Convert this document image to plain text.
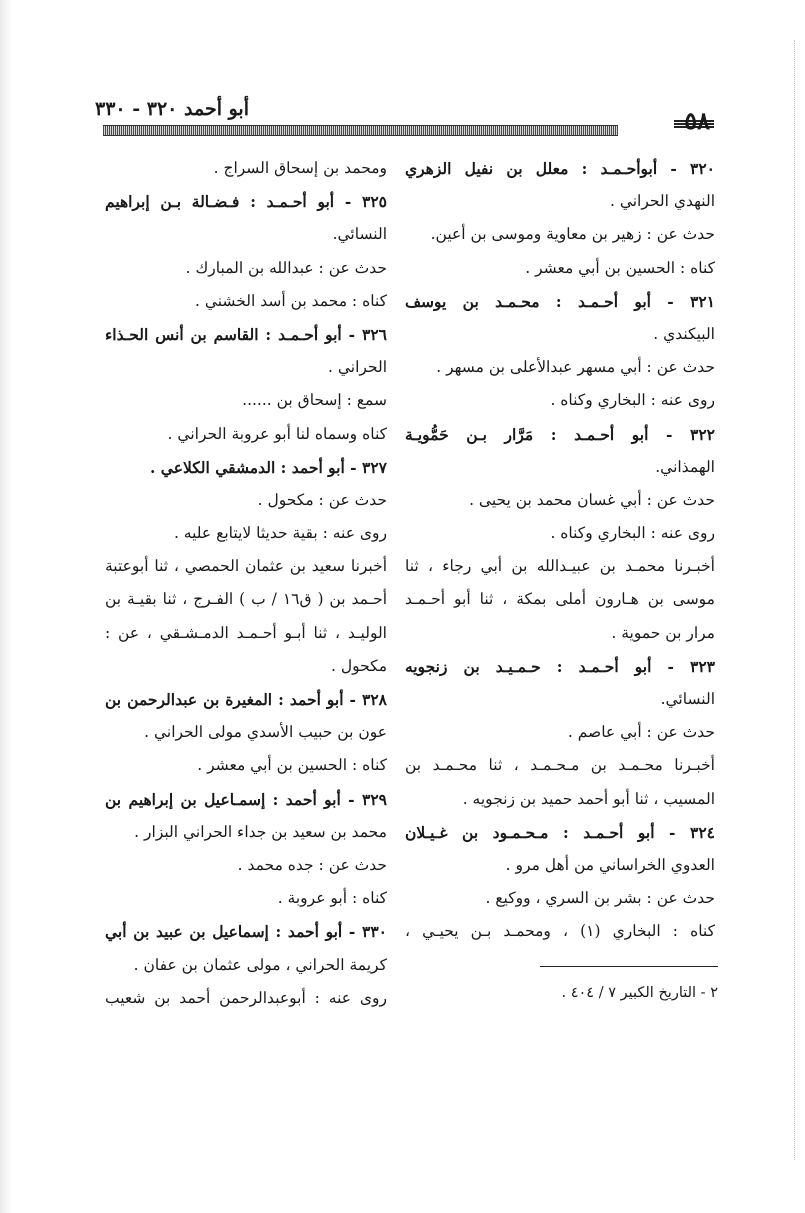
٥٨
أبو أحمد ٣٢٠ - ٣٣٠
٣٢٠ - أبوأحـمـد : معلل بن نفيل الزهري
النهدي الحراني .
حدث عن : زهير بن معاوية وموسى بن أعين.
كناه : الحسين بن أبي معشر .
٣٢١ - أبو أحـمـد : محـمـد بن يوسف
البيكندي .
حدث عن : أبي مسهر عبدالأعلى بن مسهر .
روى عنه : البخاري وكناه .
٣٢٢ - أبو أحـمـد : مَرَّار بـن حَمُّويـة
الهمذاني.
حدث عن : أبي غسان محمد بن يحيى .
روى عنه : البخاري وكناه .
أخبـرنا محمـد بن عبيـدالله بن أبي رجاء ، ثنا
موسى بن هـارون أملى بمكة ، ثنا أبو أحـمـد
مرار بن حموية .
٣٢٣ - أبو أحـمـد : حـمـيـد بن زنجويه
النسائي.
حدث عن : أبي عاصم .
أخبـرنا محـمـد بن مـحـمـد ، ثنا محـمـد بن
المسيب ، ثنا أبو أحمد حميد بن زنجويه .
٣٢٤ - أبو أحـمـد : مـحـمـود بن غـيـلان
العدوي الخراساني من أهل مرو .
حدث عن : بشر بن السري ، ووكيع .
كناه : البخاري (١) ، ومحمـد بـن يحيـي ،
ومحمد بن إسحاق السراج .
٣٢٥ - أبو أحـمـد : فـضـالة بـن إبراهيم
النسائي.
حدث عن : عبدالله بن المبارك .
كناه : محمد بن أسد الخشني .
٣٢٦ - أبو أحـمـد : القاسم بن أنس الحـذاء
الحراني .
سمع : إسحاق بن ......
كناه وسماه لنا أبو عروبة الحراني .
٣٢٧ - أبو أحمد : الدمشقي الكلاعي .
حدث عن : مكحول .
روى عنه : بقية حديثا لايتابع عليه .
أخبرنا سعيد بن عثمان الحمصي ، ثنا أبوعتبة
أحـمد بن ( ق١٦ / ب ) الفـرج ، ثنا بقيـة بن
الوليـد ، ثنا أبـو أحـمـد الدمـشـقي ، عن :
مكحول .
٣٢٨ - أبو أحمد : المغيرة بن عبدالرحمن بن
عون بن حبيب الأسدي مولى الحراني .
كناه : الحسين بن أبي معشر .
٣٢٩ - أبو أحمد : إسمـاعيل بن إبراهيم بن
محمد بن سعيد بن جداء الحراني البزار .
حدث عن : جده محمد .
كناه : أبو عروبة .
٣٣٠ - أبو أحمد : إسماعيل بن عبيد بن أبي
كريمة الحراني ، مولى عثمان بن عفان .
روى عنه : أبوعبدالرحمن أحمد بن شعيب	٢ - التاريخ الكبير ٧ / ٤٠٤ .
